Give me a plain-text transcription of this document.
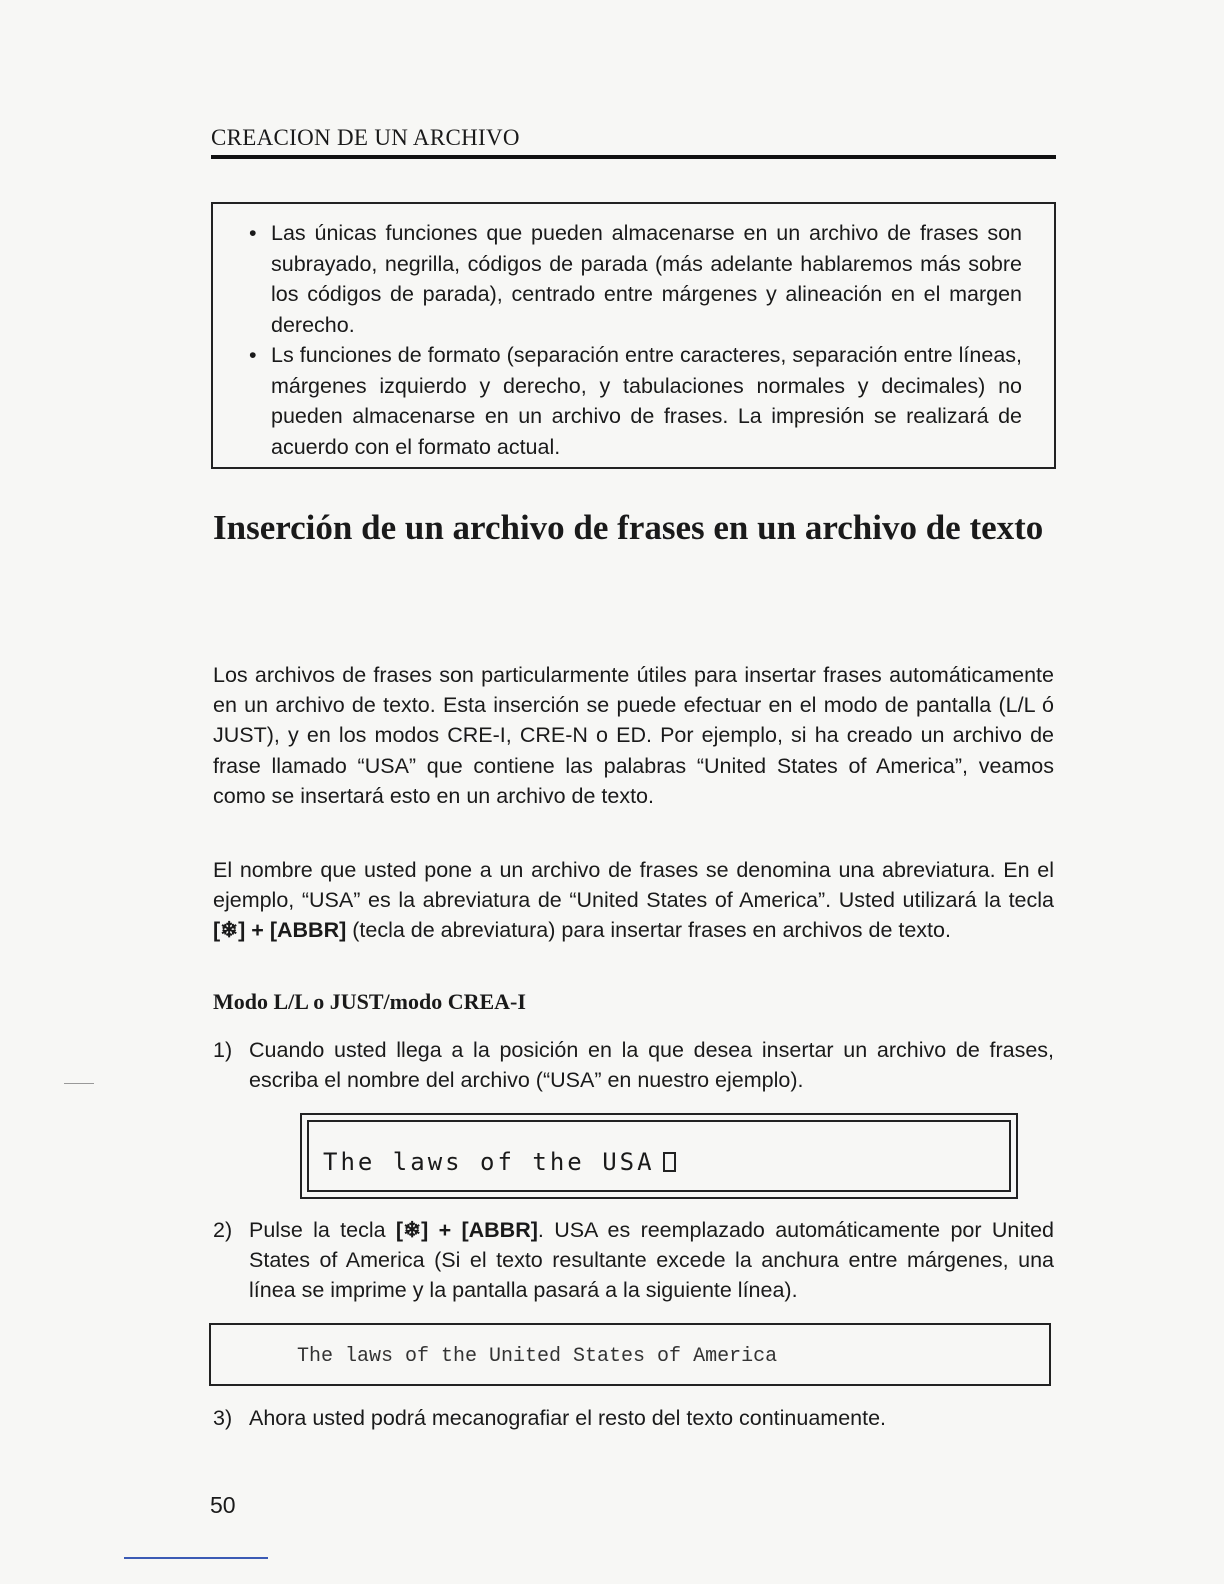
CREACION DE UN ARCHIVO
• Las únicas funciones que pueden almacenarse en un archivo de frases son subrayado, negrilla, códigos de parada (más adelante hablaremos más sobre los códigos de parada), centrado entre márgenes y alineación en el margen derecho.
• Ls funciones de formato (separación entre caracteres, separación entre líneas, márgenes izquierdo y derecho, y tabulaciones normales y decimales) no pueden almacenarse en un archivo de frases. La impresión se realizará de acuerdo con el formato actual.
Inserción de un archivo de frases en un archivo de texto

Los archivos de frases son particularmente útiles para insertar frases automáticamente en un archivo de texto. Esta inserción se puede efectuar en el modo de pantalla (L/L ó JUST), y en los modos CRE-I, CRE-N o ED. Por ejemplo, si ha creado un archivo de frase llamado “USA” que contiene las palabras “United States of America”, veamos como se insertará esto en un archivo de texto.

El nombre que usted pone a un archivo de frases se denomina una abreviatura. En el ejemplo, “USA” es la abreviatura de “United States of America”. Usted utilizará la tecla [❄] + [ABBR] (tecla de abreviatura) para insertar frases en archivos de texto.

Modo L/L o JUST/modo CREA-I
1) Cuando usted llega a la posición en la que desea insertar un archivo de frases, escriba el nombre del archivo (“USA” en nuestro ejemplo).
The laws of the USA
2) Pulse la tecla [❄] + [ABBR]. USA es reemplazado automáticamente por United States of America (Si el texto resultante excede la anchura entre márgenes, una línea se imprime y la pantalla pasará a la siguiente línea).
The laws of the United States of America
3) Ahora usted podrá mecanografiar el resto del texto continuamente.
50
